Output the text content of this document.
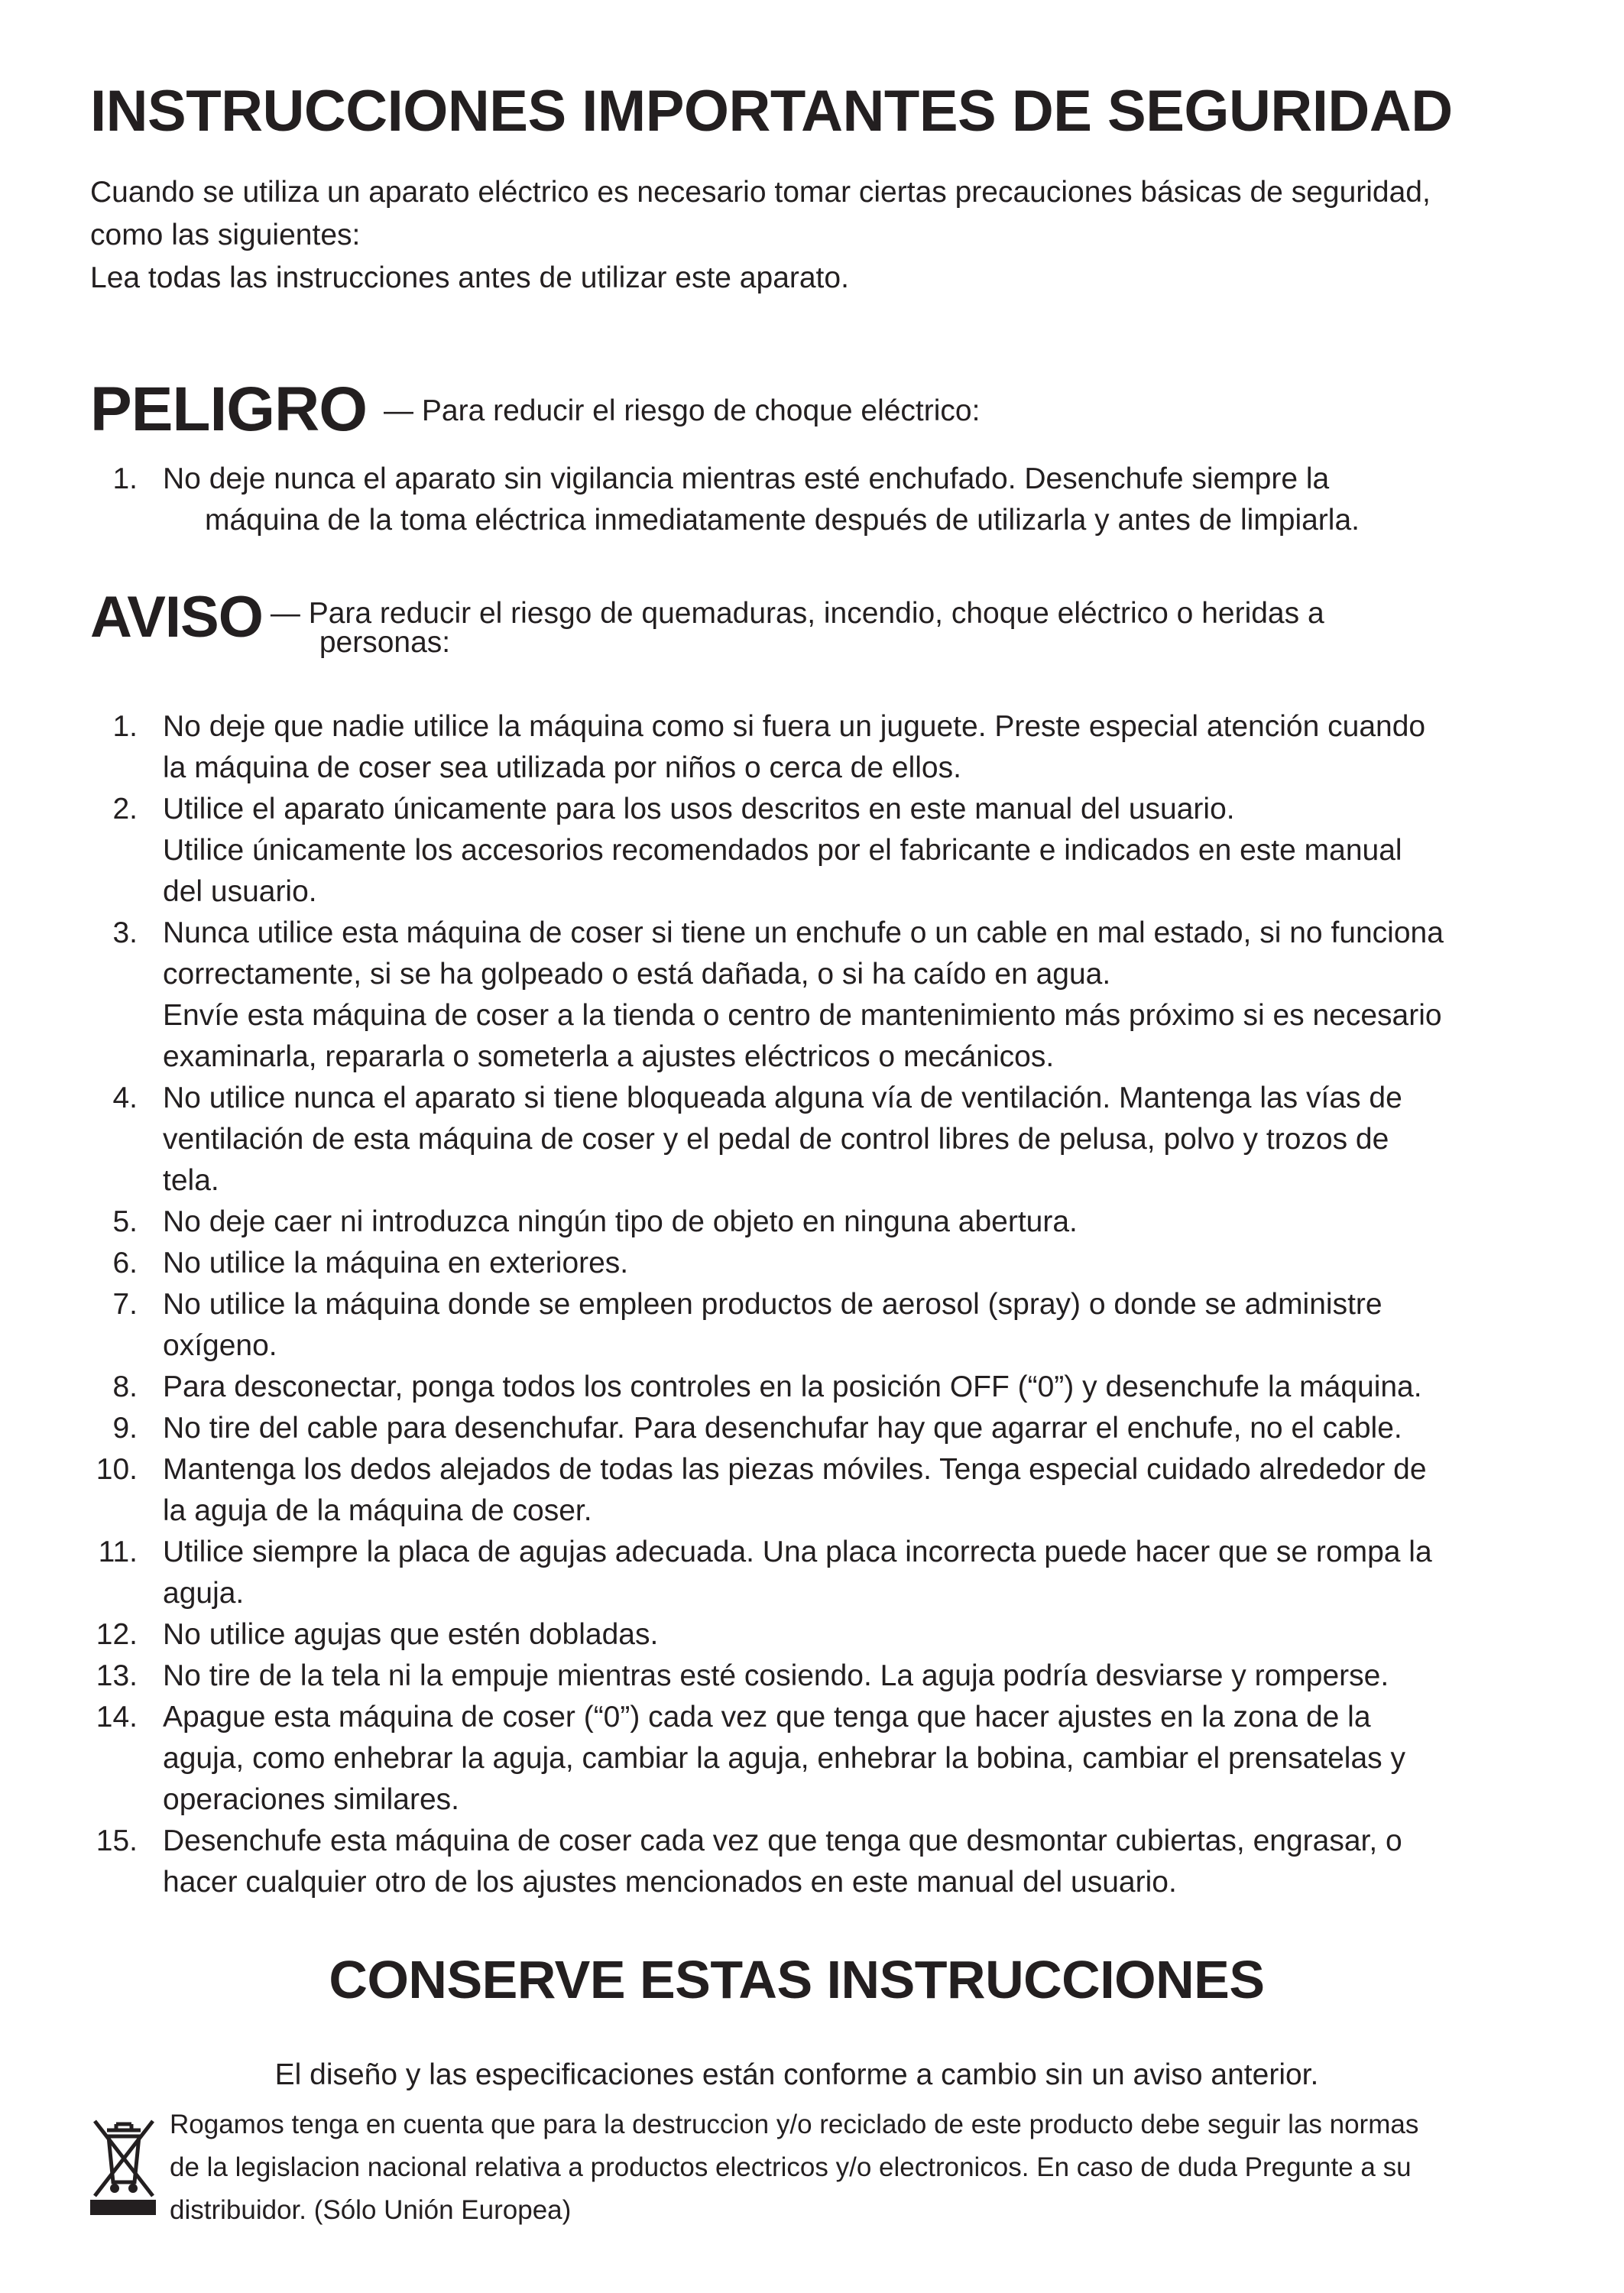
INSTRUCCIONES IMPORTANTES DE SEGURIDAD
Cuando se utiliza un aparato eléctrico es necesario tomar ciertas precauciones básicas de seguridad,
como las siguientes:
Lea todas las instrucciones antes de utilizar este aparato.
PELIGRO — Para reducir el riesgo de choque eléctrico:
1. No deje nunca el aparato sin vigilancia mientras esté enchufado. Desenchufe siempre la
máquina de la toma eléctrica inmediatamente después de utilizarla y antes de limpiarla.
AVISO — Para reducir el riesgo de quemaduras, incendio, choque eléctrico o heridas a
personas:
1. No deje que nadie utilice la máquina como si fuera un juguete. Preste especial atención cuando
la máquina de coser sea utilizada por niños o cerca de ellos.
2. Utilice el aparato únicamente para los usos descritos en este manual del usuario.
Utilice únicamente los accesorios recomendados por el fabricante e indicados en este manual
del usuario.
3. Nunca utilice esta máquina de coser si tiene un enchufe o un cable en mal estado, si no funciona
correctamente, si se ha golpeado o está dañada, o si ha caído en agua.
Envíe esta máquina de coser a la tienda o centro de mantenimiento más próximo si es necesario
examinarla, repararla o someterla a ajustes eléctricos o mecánicos.
4. No utilice nunca el aparato si tiene bloqueada alguna vía de ventilación. Mantenga las vías de
ventilación de esta máquina de coser y el pedal de control libres de pelusa, polvo y trozos de
tela.
5. No deje caer ni introduzca ningún tipo de objeto en ninguna abertura.
6. No utilice la máquina en exteriores.
7. No utilice la máquina donde se empleen productos de aerosol (spray) o donde se administre
oxígeno.
8. Para desconectar, ponga todos los controles en la posición OFF (“0”) y desenchufe la máquina.
9. No tire del cable para desenchufar. Para desenchufar hay que agarrar el enchufe, no el cable.
10. Mantenga los dedos alejados de todas las piezas móviles. Tenga especial cuidado alrededor de
la aguja de la máquina de coser.
11. Utilice siempre la placa de agujas adecuada. Una placa incorrecta puede hacer que se rompa la
aguja.
12. No utilice agujas que estén dobladas.
13. No tire de la tela ni la empuje mientras esté cosiendo. La aguja podría desviarse y romperse.
14. Apague esta máquina de coser (“0”) cada vez que tenga que hacer ajustes en la zona de la
aguja, como enhebrar la aguja, cambiar la aguja, enhebrar la bobina, cambiar el prensatelas y
operaciones similares.
15. Desenchufe esta máquina de coser cada vez que tenga que desmontar cubiertas, engrasar, o
hacer cualquier otro de los ajustes mencionados en este manual del usuario.
CONSERVE ESTAS INSTRUCCIONES
El diseño y las especificaciones están conforme a cambio sin un aviso anterior.
Rogamos tenga en cuenta que para la destruccion y/o reciclado de este producto debe seguir las normas
de la legislacion nacional relativa a productos electricos y/o electronicos. En caso de duda Pregunte a su
distribuidor. (Sólo Unión Europea)
